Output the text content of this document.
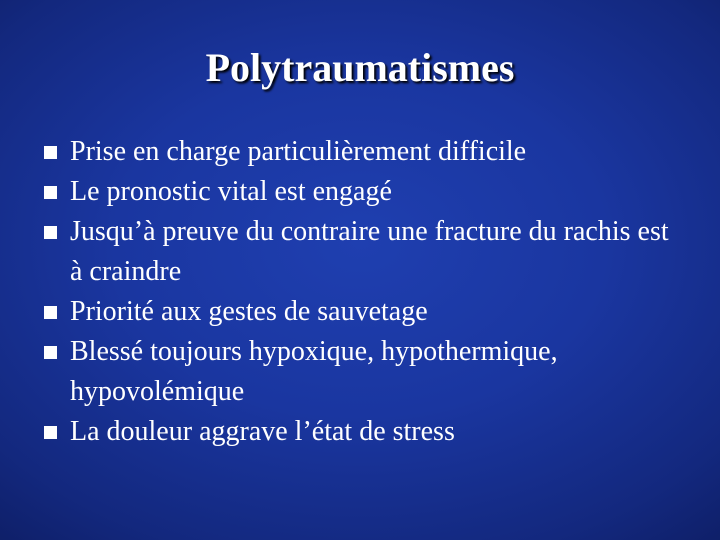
Polytraumatismes
Prise en charge particulièrement difficile
Le pronostic vital est engagé
Jusqu’à preuve du contraire une fracture du rachis est à craindre
Priorité aux gestes de sauvetage
Blessé toujours hypoxique, hypothermique, hypovolémique
La douleur aggrave l’état de stress
